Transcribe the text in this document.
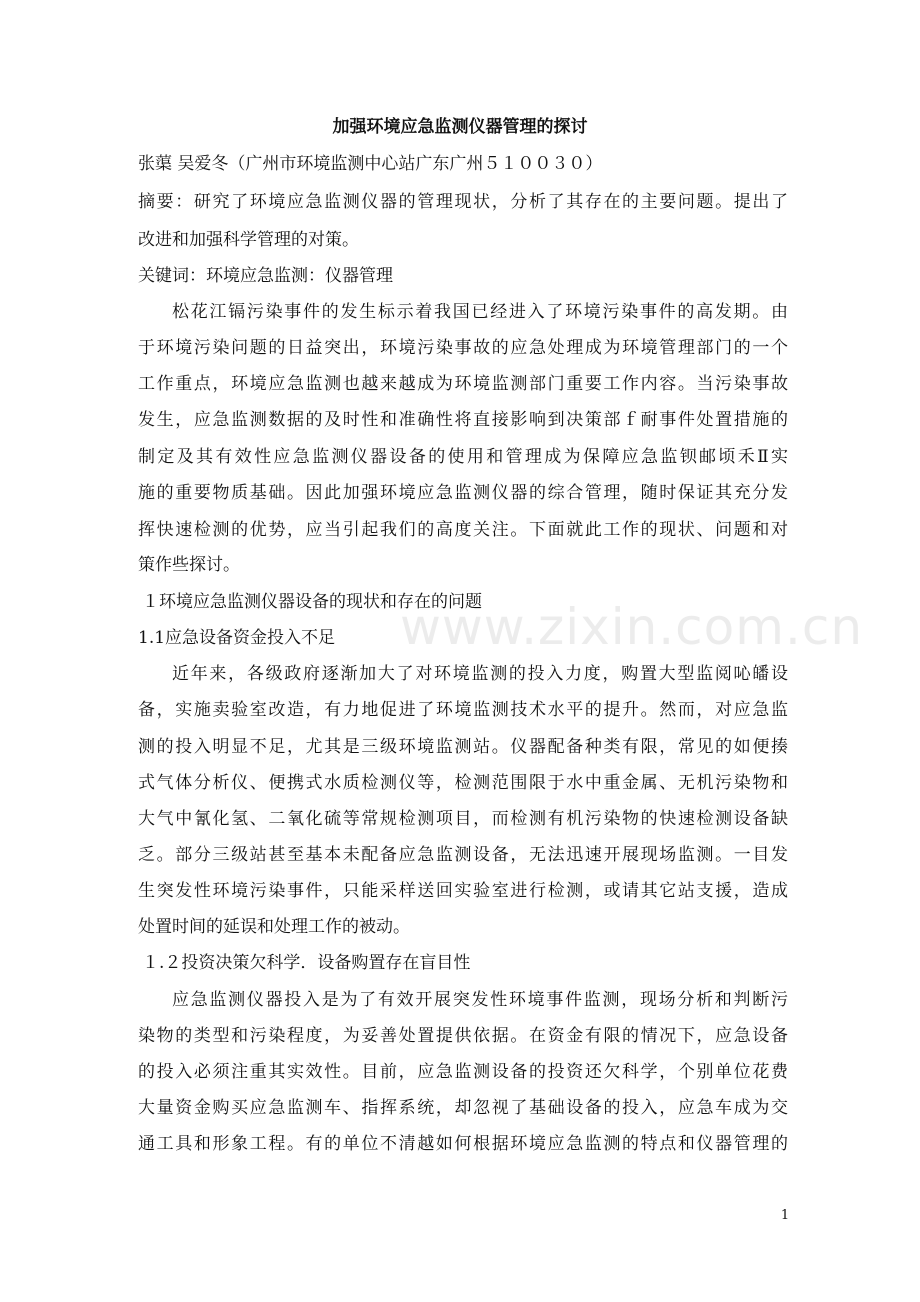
www.zixin.com.cn
加强环境应急监测仪器管理的探讨
张蕖 吴爱冬（广州市环境监测中心站广东广州５１００３０）
摘要：研究了环境应急监测仪器的管理现状，分析了其存在的主要问题。提出了
改进和加强科学管理的对策。
关键词：环境应急监测：仪器管理
松花江镉污染事件的发生标示着我国已经进入了环境污染事件的高发期。由
于环境污染问题的日益突出，环境污染事故的应急处理成为环境管理部门的一个
工作重点，环境应急监测也越来越成为环境监测部门重要工作内容。当污染事故
发生，应急监测数据的及时性和准确性将直接影响到决策部ｆ耐事件处置措施的
制定及其有效性应急监测仪器设备的使用和管理成为保障应急监钡邮顷禾Ⅱ实
施的重要物质基础。因此加强环境应急监测仪器的综合管理，随时保证其充分发
挥快速检测的优势，应当引起我们的高度关注。下面就此工作的现状、问题和对
策作些探讨。
１环境应急监测仪器设备的现状和存在的问题
1.1应急设备资金投入不足
近年来，各级政府逐渐加大了对环境监测的投入力度，购置大型监阅吣皤设
备，实施卖验室改造，有力地促进了环境监测技术水平的提升。然而，对应急监
测的投入明显不足，尤其是三级环境监测站。仪器配备种类有限，常见的如便揍
式气体分析仪、便携式水质检测仪等，检测范围限于水中重金属、无机污染物和
大气中氰化氢、二氧化硫等常规检测项目，而检测有机污染物的快速检测设备缺
乏。部分三级站甚至基本未配备应急监测设备，无法迅速开展现场监测。一目发
生突发性环境污染事件，只能采样送回实验室进行检测，或请其它站支援，造成
处置时间的延误和处理工作的被动。
１.２投资决策欠科学．设备购置存在盲目性
应急监测仪器投入是为了有效开展突发性环境事件监测，现场分析和判断污
染物的类型和污染程度，为妥善处置提供依据。在资金有限的情况下，应急设备
的投入必须注重其实效性。目前，应急监测设备的投资还欠科学，个别单位花费
大量资金购买应急监测车、指挥系统，却忽视了基础设备的投入，应急车成为交
通工具和形象工程。有的单位不清越如何根据环境应急监测的特点和仪器管理的
1
